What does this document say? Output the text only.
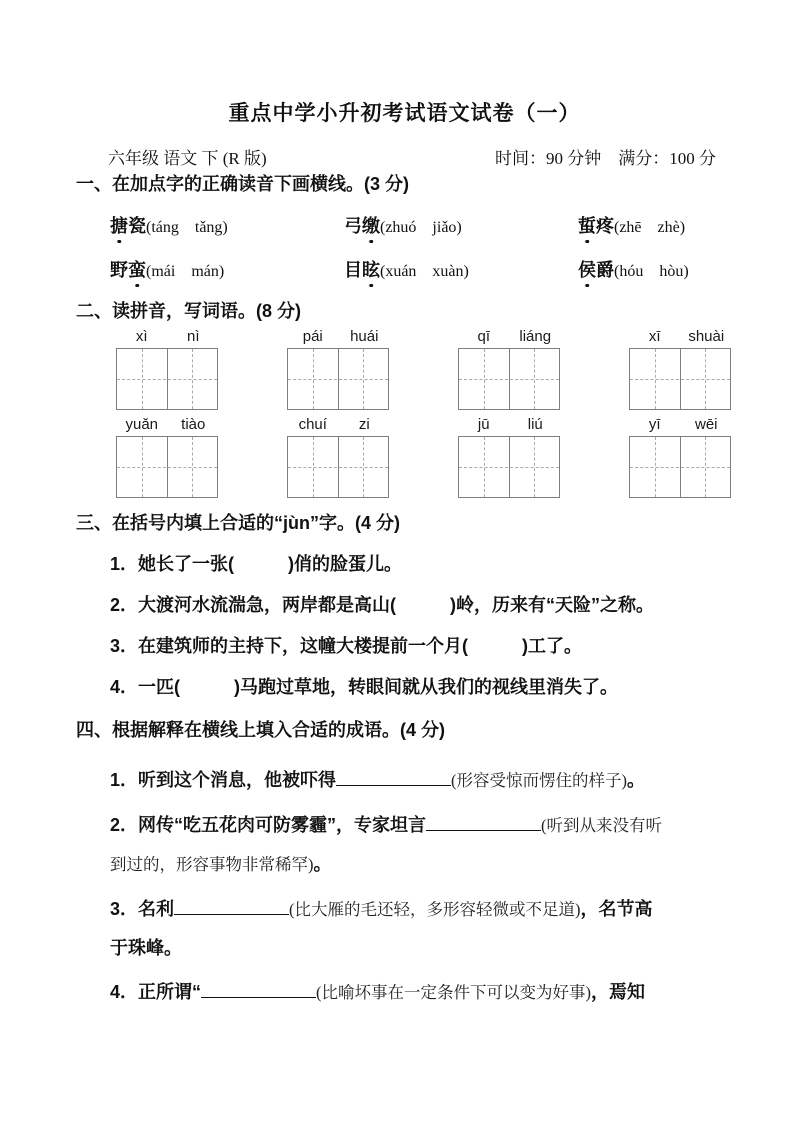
重点中学小升初考试语文试卷（一）
六年级 语文 下 (R 版)	时间：90 分钟　满分：100 分
一、在加点字的正确读音下画横线。(3 分)
搪瓷(táng　tǎng)	弓缴(zhuó　jiǎo)	蜇疼(zhē　zhè)
野蛮(mái　mán)	目眩(xuán　xuàn)	侯爵(hóu　hòu)
二、读拼音，写词语。(8 分)
xì	nì	pái	huái	qī	liáng	xī	shuài
yuǎn	tiào	chuí	zi	jū	liú	yī	wēi
三、在括号内填上合适的“jùn”字。(4 分)

1．她长了一张(　　　)俏的脸蛋儿。

2．大渡河水流湍急，两岸都是高山(　　　)岭，历来有“天险”之称。

3．在建筑师的主持下，这幢大楼提前一个月(　　　)工了。

4．一匹(　　　)马跑过草地，转眼间就从我们的视线里消失了。

四、根据解释在横线上填入合适的成语。(4 分)

1．听到这个消息，他被吓得	(形容受惊而愣住的样子)。

2．网传“吃五花肉可防雾霾”，专家坦言	(听到从来没有听
到过的，形容事物非常稀罕)。

3．名利	(比大雁的毛还轻，多形容轻微或不足道)，名节高
于珠峰。

4．正所谓“	(比喻坏事在一定条件下可以变为好事)，焉知
